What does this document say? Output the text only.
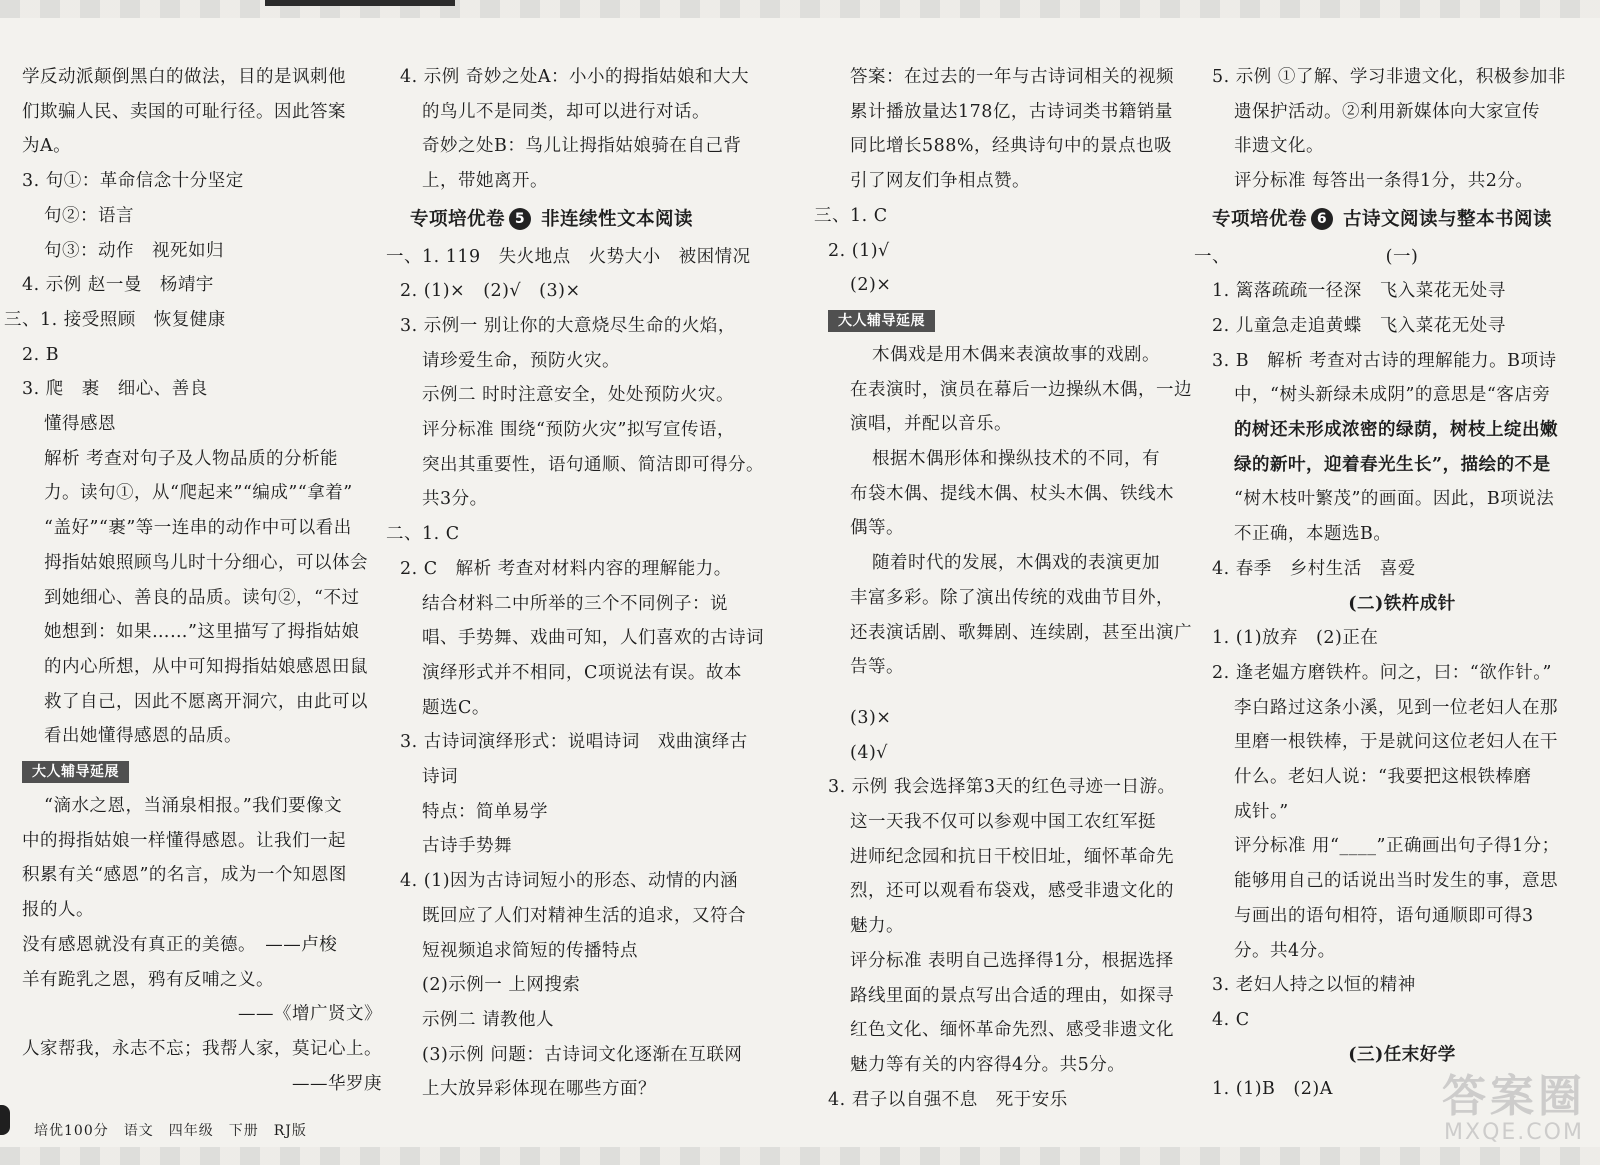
学反动派颠倒黑白的做法，目的是讽刺他
们欺骗人民、卖国的可耻行径。因此答案
为A。
3. 句①：革命信念十分坚定
句②：语言
句③：动作　视死如归
4. 示例 赵一曼　杨靖宇
三、1. 接受照顾　恢复健康
2. B
3. 爬　裹　细心、善良
懂得感恩
解析 考查对句子及人物品质的分析能
力。读句①，从“爬起来”“编成”“拿着”
“盖好”“裹”等一连串的动作中可以看出
拇指姑娘照顾鸟儿时十分细心，可以体会
到她细心、善良的品质。读句②，“不过
她想到：如果……”这里描写了拇指姑娘
的内心所想，从中可知拇指姑娘感恩田鼠
救了自己，因此不愿离开洞穴，由此可以
看出她懂得感恩的品质。
大人辅导延展
“滴水之恩，当涌泉相报。”我们要像文
中的拇指姑娘一样懂得感恩。让我们一起
积累有关“感恩”的名言，成为一个知恩图
报的人。
没有感恩就没有真正的美德。　——卢梭
羊有跪乳之恩，鸦有反哺之义。
——《增广贤文》
人家帮我，永志不忘；我帮人家，莫记心上。
——华罗庚
4. 示例 奇妙之处A：小小的拇指姑娘和大大
的鸟儿不是同类，却可以进行对话。
奇妙之处B：鸟儿让拇指姑娘骑在自己背
上，带她离开。
专项培优卷 5 非连续性文本阅读
一、1. 119　失火地点　火势大小　被困情况
2. (1)×　(2)√　(3)×
3. 示例一 别让你的大意烧尽生命的火焰，
请珍爱生命，预防火灾。
示例二 时时注意安全，处处预防火灾。
评分标准 围绕“预防火灾”拟写宣传语，
突出其重要性，语句通顺、简洁即可得分。
共3分。
二、1. C
2. C　解析 考查对材料内容的理解能力。
结合材料二中所举的三个不同例子：说
唱、手势舞、戏曲可知，人们喜欢的古诗词
演绎形式并不相同，C项说法有误。故本
题选C。
3. 古诗词演绎形式：说唱诗词　戏曲演绎古
诗词
特点：简单易学
古诗手势舞
4. (1)因为古诗词短小的形态、动情的内涵
既回应了人们对精神生活的追求，又符合
短视频追求简短的传播特点
(2)示例一 上网搜索
示例二 请教他人
(3)示例 问题：古诗词文化逐渐在互联网
上大放异彩体现在哪些方面？
答案：在过去的一年与古诗词相关的视频
累计播放量达178亿，古诗词类书籍销量
同比增长588%，经典诗句中的景点也吸
引了网友们争相点赞。
三、1. C
2. (1)√
(2)×
大人辅导延展
木偶戏是用木偶来表演故事的戏剧。
在表演时，演员在幕后一边操纵木偶，一边
演唱，并配以音乐。
根据木偶形体和操纵技术的不同，有
布袋木偶、提线木偶、杖头木偶、铁线木
偶等。
随着时代的发展，木偶戏的表演更加
丰富多彩。除了演出传统的戏曲节目外，
还表演话剧、歌舞剧、连续剧，甚至出演广
告等。
(3)×
(4)√
3. 示例 我会选择第3天的红色寻迹一日游。
这一天我不仅可以参观中国工农红军挺
进师纪念园和抗日干校旧址，缅怀革命先
烈，还可以观看布袋戏，感受非遗文化的
魅力。
评分标准 表明自己选择得1分，根据选择
路线里面的景点写出合适的理由，如探寻
红色文化、缅怀革命先烈、感受非遗文化
魅力等有关的内容得4分。共5分。
4. 君子以自强不息　死于安乐
5. 示例 ①了解、学习非遗文化，积极参加非
遗保护活动。②利用新媒体向大家宣传
非遗文化。
评分标准 每答出一条得1分，共2分。
专项培优卷 6 古诗文阅读与整本书阅读
一、	(一)
1. 篱落疏疏一径深　飞入菜花无处寻
2. 儿童急走追黄蝶　飞入菜花无处寻
3. B　解析 考查对古诗的理解能力。B项诗
中，“树头新绿未成阴”的意思是“客店旁
的树还未形成浓密的绿荫，树枝上绽出嫩
绿的新叶，迎着春光生长”，描绘的不是
“树木枝叶繁茂”的画面。因此，B项说法
不正确，本题选B。
4. 春季　乡村生活　喜爱
(二)铁杵成针
1. (1)放弃　(2)正在
2. 逢老媪方磨铁杵。问之，曰：“欲作针。”
李白路过这条小溪，见到一位老妇人在那
里磨一根铁棒，于是就问这位老妇人在干
什么。老妇人说：“我要把这根铁棒磨
成针。”
评分标准 用“____”正确画出句子得1分；
能够用自己的话说出当时发生的事，意思
与画出的语句相符，语句通顺即可得3
分。共4分。
3. 老妇人持之以恒的精神
4. C
(三)任末好学
1. (1)B　(2)A
培优100分　语文　四年级　下册　RJ版
答案圈
MXQE.COM
